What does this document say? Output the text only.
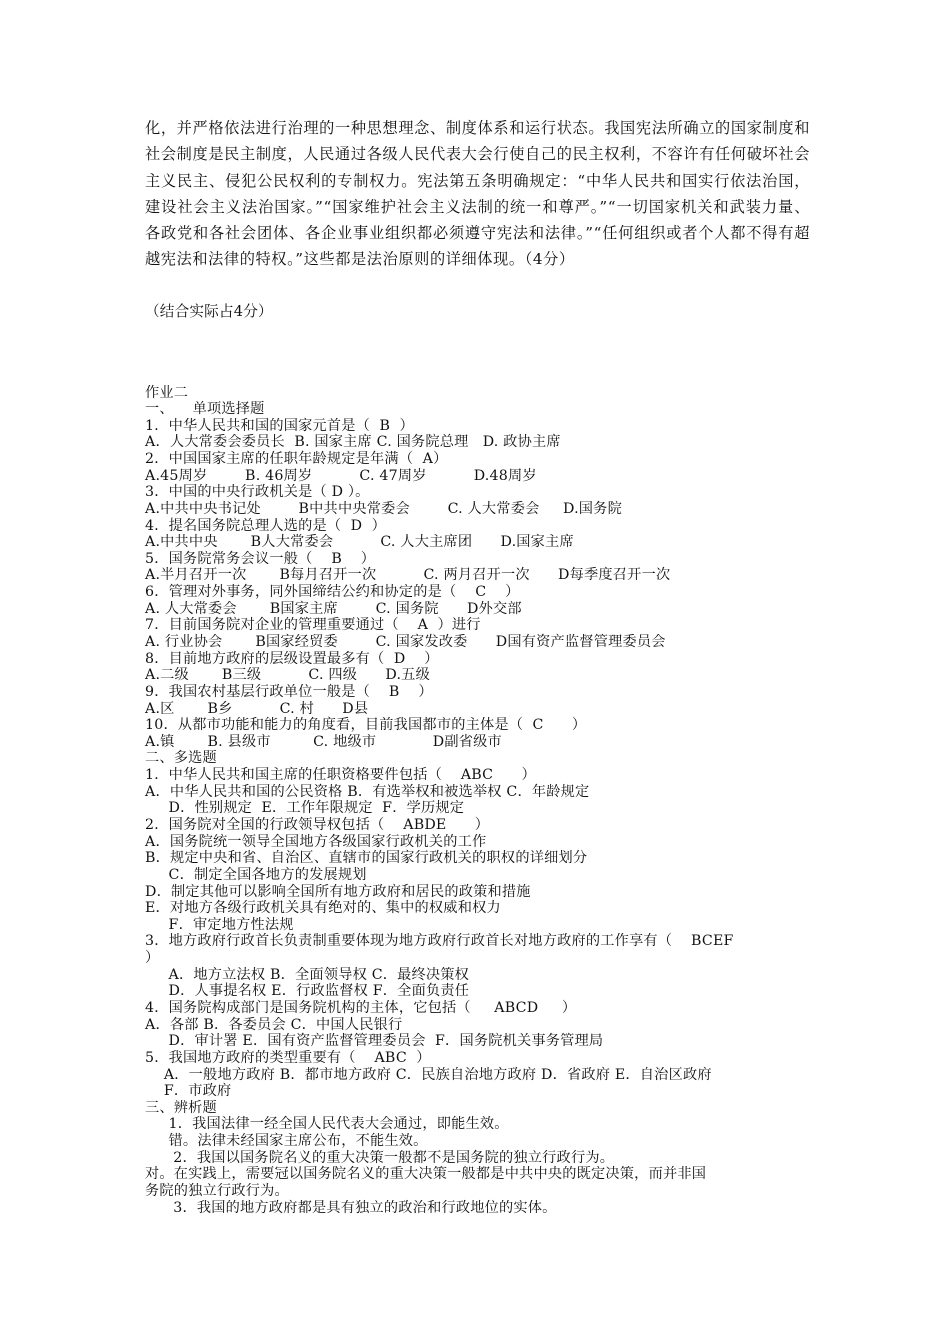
化，并严格依法进行治理的一种思想理念、制度体系和运行状态。我国宪法所确立的国家制度和社会制度是民主制度，人民通过各级人民代表大会行使自己的民主权利，不容许有任何破坏社会主义民主、侵犯公民权利的专制权力。宪法第五条明确规定：“中华人民共和国实行依法治国，建设社会主义法治国家。”“国家维护社会主义法制的统一和尊严。”“一切国家机关和武装力量、各政党和各社会团体、各企业事业组织都必须遵守宪法和法律。”“任何组织或者个人都不得有超越宪法和法律的特权。”这些都是法治原则的详细体现。（4分）
（结合实际占4分）
作业二
一、    单项选择题
1．中华人民共和国的国家元首是（  B  ）
A．人大常委会委员长  B. 国家主席 C. 国务院总理   D. 政协主席
2．中国国家主席的任职年龄规定是年满（  A）
A.45周岁        B. 46周岁          C. 47周岁          D.48周岁
3．中国的中央行政机关是（ D ）。
A.中共中央书记处        B中共中央常委会        C. 人大常委会     D.国务院
4．提名国务院总理人选的是（  D  ）
A.中共中央       B人大常委会          C. 人大主席团      D.国家主席
5．国务院常务会议一般（    B    ）
A.半月召开一次       B每月召开一次          C. 两月召开一次      D每季度召开一次
6．管理对外事务，同外国缔结公约和协定的是（    C    ）
A. 人大常委会       B国家主席        C. 国务院      D外交部
7．目前国务院对企业的管理重要通过（    A  ）进行
A. 行业协会       B国家经贸委        C. 国家发改委      D国有资产监督管理委员会
8．目前地方政府的层级设置最多有（  D    ）
A.二级       B三级          C. 四级      D.五级
9．我国农村基层行政单位一般是（    B    ）
A.区       B乡          C. 村      D县
10．从都市功能和能力的角度看，目前我国都市的主体是（  C      ）
A.镇       B. 县级市         C. 地级市            D副省级市
二、多选题
1．中华人民共和国主席的任职资格要件包括（    ABC      ）
A．中华人民共和国的公民资格 B．有选举权和被选举权 C．年龄规定
D．性别规定  E．工作年限规定  F．学历规定
2．国务院对全国的行政领导权包括（    ABDE      ）
A．国务院统一领导全国地方各级国家行政机关的工作
B．规定中央和省、自治区、直辖市的国家行政机关的职权的详细划分
C．制定全国各地方的发展规划
D．制定其他可以影响全国所有地方政府和居民的政策和措施
E．对地方各级行政机关具有绝对的、集中的权威和权力
F．审定地方性法规
3．地方政府行政首长负责制重要体现为地方政府行政首长对地方政府的工作享有（    BCEF
）
A．地方立法权 B．全面领导权 C．最终决策权
D．人事提名权 E．行政监督权 F．全面负责任
4．国务院构成部门是国务院机构的主体，它包括（     ABCD     ）
A．各部 B．各委员会 C．中国人民银行
D．审计署 E．国有资产监督管理委员会  F．国务院机关事务管理局
5．我国地方政府的类型重要有（    ABC  ）
A．一般地方政府 B．都市地方政府 C．民族自治地方政府 D．省政府 E．自治区政府
F．市政府
三、辨析题
1．我国法律一经全国人民代表大会通过，即能生效。
错。法律未经国家主席公布，不能生效。
2．我国以国务院名义的重大决策一般都不是国务院的独立行政行为。
对。在实践上，需要冠以国务院名义的重大决策一般都是中共中央的既定决策，而并非国
务院的独立行政行为。
3．我国的地方政府都是具有独立的政治和行政地位的实体。
